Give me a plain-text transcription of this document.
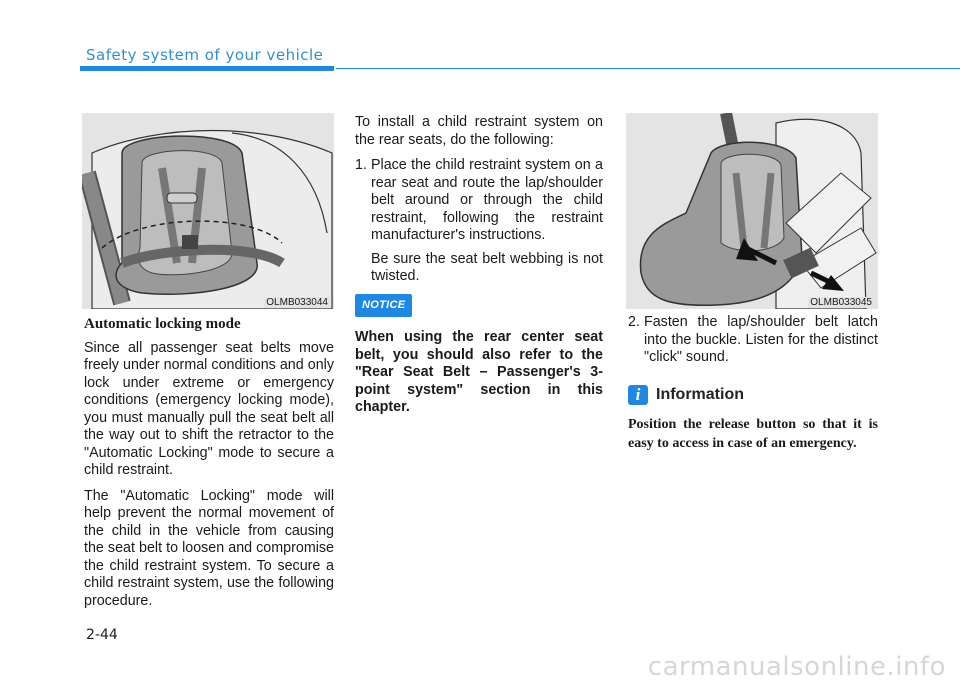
Safety system of your vehicle
OLMB033044
Automatic locking mode

Since all passenger seat belts move freely under normal conditions and only lock under extreme or emergency conditions (emergency locking mode), you must manually pull the seat belt all the way out to shift the retractor to the "Automatic Locking" mode to secure a child restraint.

The "Automatic Locking" mode will help prevent the normal movement of the child in the vehicle from causing the seat belt to loosen and compromise the child restraint system. To secure a child restraint system, use the following procedure.

To install a child restraint system on the rear seats, do the following:

1. Place the child restraint system on a rear seat and route the lap/shoulder belt around or through the child restraint, following the restraint manufacturer's instructions.

Be sure the seat belt webbing is not twisted.

NOTICE
When using the rear center seat belt, you should also refer to the "Rear Seat Belt – Passenger's 3-point system" section in this chapter.
OLMB033045
2. Fasten the lap/shoulder belt latch into the buckle. Listen for the distinct "click" sound.
i Information
Position the release button so that it is easy to access in case of an emergency.
2-44
carmanualsonline.info
